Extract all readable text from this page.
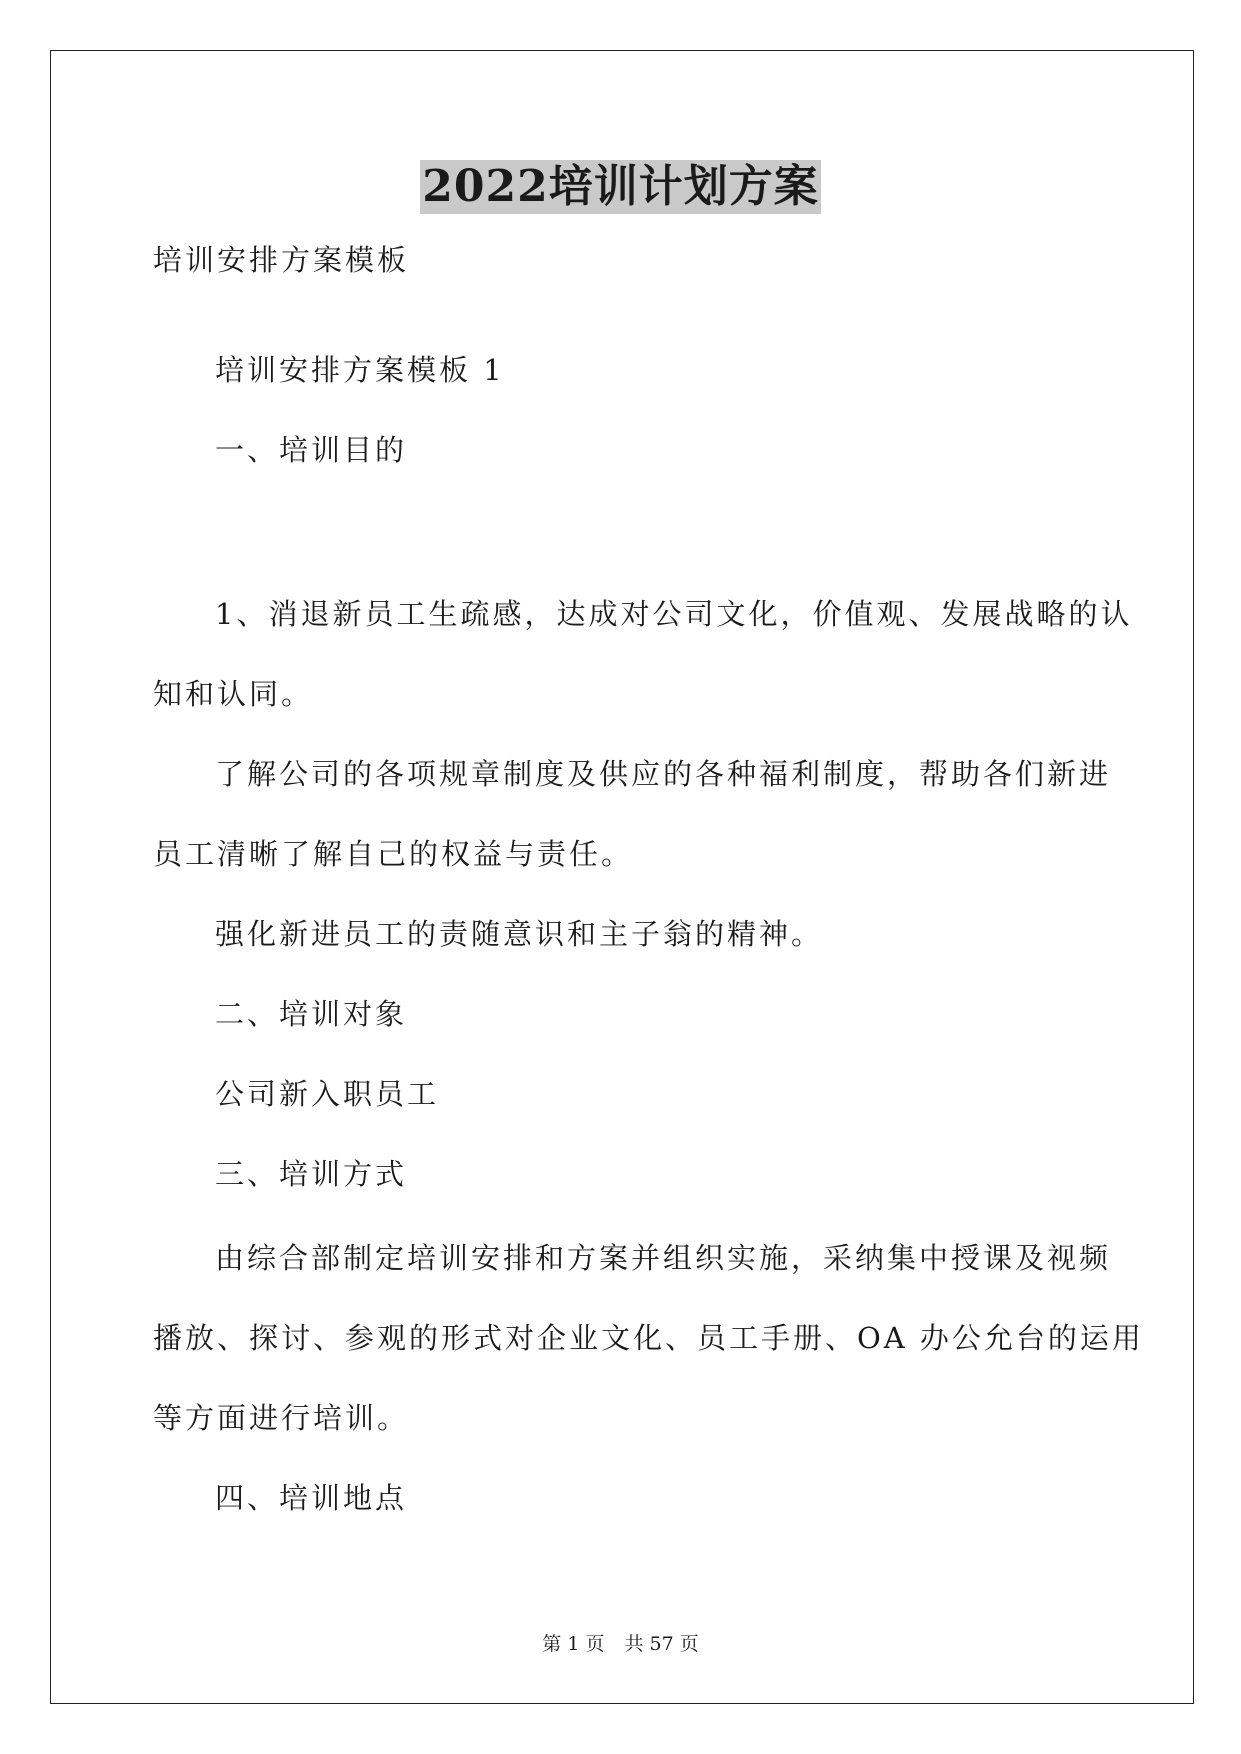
2022培训计划方案
培训安排方案模板
培训安排方案模板 1
一、培训目的
1、消退新员工生疏感，达成对公司文化，价值观、发展战略的认
知和认同。
了解公司的各项规章制度及供应的各种福利制度，帮助各们新进
员工清晰了解自己的权益与责任。
强化新进员工的责随意识和主子翁的精神。
二、培训对象
公司新入职员工
三、培训方式
由综合部制定培训安排和方案并组织实施，采纳集中授课及视频
播放、探讨、参观的形式对企业文化、员工手册、OA 办公允台的运用
等方面进行培训。
四、培训地点
第 1 页 共 57 页
